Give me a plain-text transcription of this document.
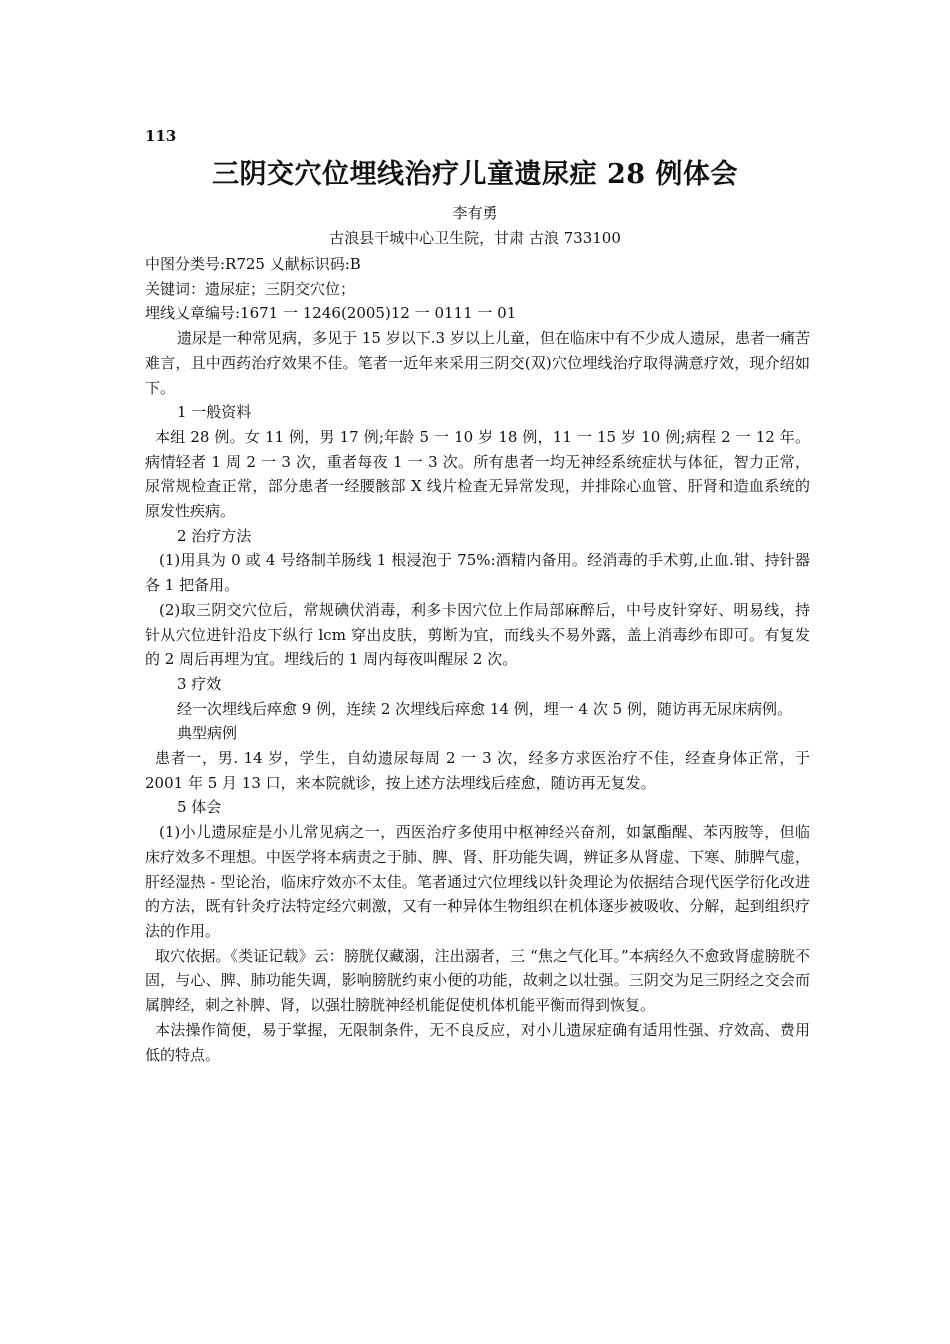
113
三阴交穴位埋线治疗儿童遗尿症 28 例体会
李有勇
古浪县干城中心卫生院，甘肃 古浪 733100

中图分类号:R725 乂献标识码:B

关键词：遗尿症；三阴交穴位；

埋线乂章编号:1671 一 1246(2005)12 一 0111 一 01

遗尿是一种常见病，多见于 15 岁以下.3 岁以上儿童，但在临床中有不少成人遗尿，患者一痛苦难言，且中西药治疗效果不佳。笔者一近年来采用三阴交(双)穴位埋线治疗取得满意疗效，现介绍如下。

1 一般资料

本组 28 例。女 11 例，男 17 例;年龄 5 一 10 岁 18 例，11 一 15 岁 10 例;病程 2 一 12 年。病情轻者 1 周 2 一 3 次，重者每夜 1 一 3 次。所有患者一均无神经系统症状与体征，智力正常，尿常规检查正常，部分患者一经腰骸部 X 线片检查无异常发现，并排除心血管、肝肾和造血系统的原发性疾病。

2 治疗方法

(1)用具为 0 或 4 号络制羊肠线 1 根浸泡于 75%:酒精内备用。经消毒的手术剪,止血.钳、持针器各 1 把备用。

(2)取三阴交穴位后，常规碘伏消毒，利多卡因穴位上作局部麻醉后，中号皮针穿好、明易线，持针从穴位进针沿皮下纵行 lcm 穿出皮肤，剪断为宜，而线头不易外露，盖上消毒纱布即可。有复发的 2 周后再埋为宜。埋线后的 1 周内每夜叫醒尿 2 次。

3 疗效

经一次埋线后瘁愈 9 例，连续 2 次埋线后瘁愈 14 例，埋一 4 次 5 例，随访再无尿床病例。

典型病例

患者一，男. 14 岁，学生，自幼遗尿每周 2 一 3 次，经多方求医治疗不佳，经查身体正常，于 2001 年 5 月 13 口，来本院就诊，按上述方法埋线后痊愈，随访再无复发。

5 体会

(1)小儿遗尿症是小儿常见病之一，西医治疗多使用中枢神经兴奋剂，如氯酯醒、苯丙胺等，但临床疗效多不理想。中医学将本病责之于肺、脾、肾、肝功能失调，辨证多从肾虚、下寒、肺脾气虚，肝经湿热 - 型论治，临床疗效亦不太佳。笔者通过穴位埋线以针灸理论为依据结合现代医学衍化改进的方法，既有针灸疗法特定经穴刺激，又有一种异体生物组织在机体逐步被吸收、分解，起到组织疗法的作用。

取穴依据。《类证记载》云：膀胱仅藏溺，注出溺者，三 “焦之气化耳。”本病经久不愈致肾虚膀胱不固，与心、脾、肺功能失调，影响膀胱约束小便的功能，故刺之以壮强。三阴交为足三阴经之交会而属脾经，刺之补脾、肾，以强壮膀胱神经机能促使机体机能平衡而得到恢复。

本法操作简便，易于掌握，无限制条件，无不良反应，对小儿遗尿症确有适用性强、疗效高、费用低的特点。
